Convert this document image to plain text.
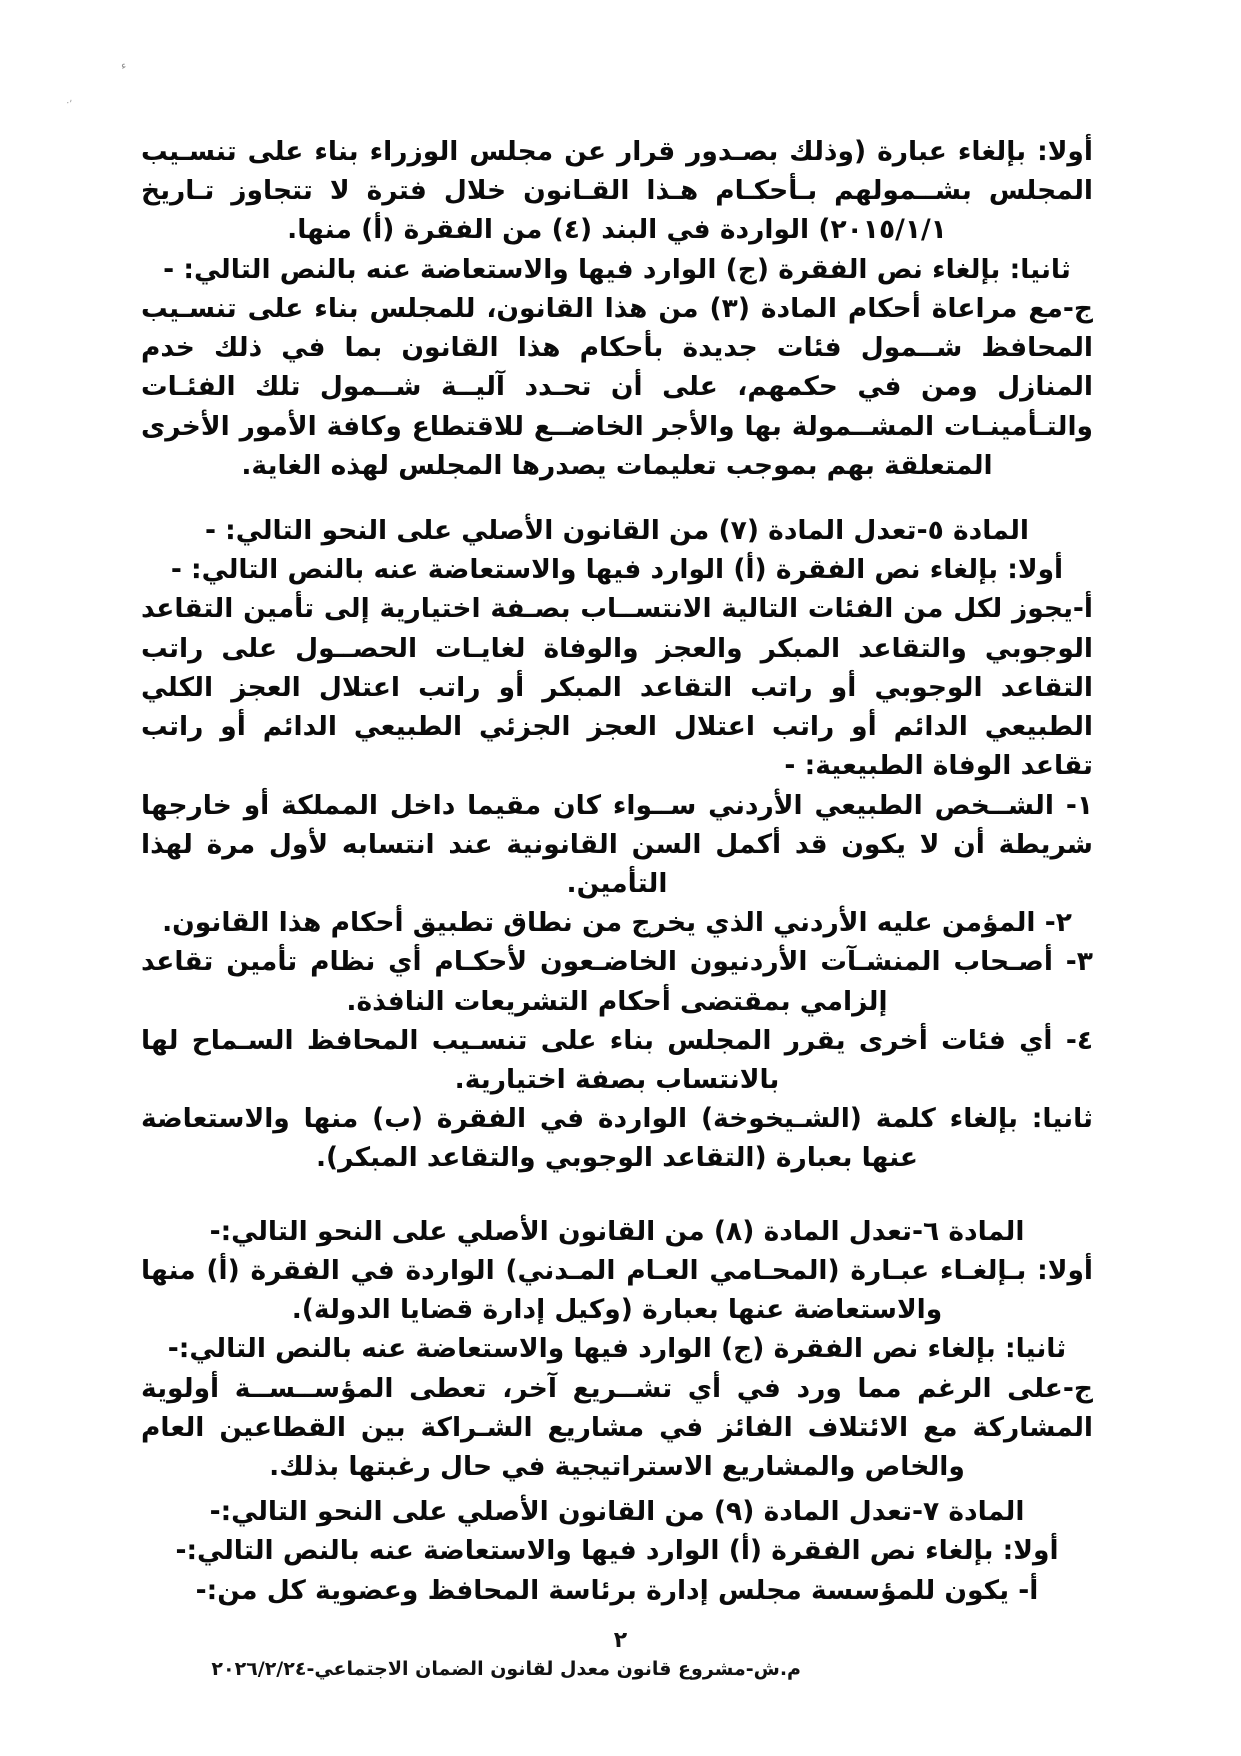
ء
'·

أولا: بإلغاء عبارة (وذلك بصـدور قرار عن مجلس الوزراء بناء على تنسـيب المجلس بشــمولهم بـأحكـام هـذا القـانون خلال فترة لا تتجاوز تـاريخ ٢٠١٥/١/١) الواردة في البند (٤) من الفقرة (أ) منها.

ثانيا: بإلغاء نص الفقرة (ج) الوارد فيها والاستعاضة عنه بالنص التالي: -

ج-مع مراعاة أحكام المادة (٣) من هذا القانون، للمجلس بناء على تنسـيب المحافظ شــمول فئات جديدة بأحكام هذا القانون بما في ذلك خدم المنازل ومن في حكمهم، على أن تحـدد آليــة شــمول تلك الفئـات والتـأمينـات المشــمولة بها والأجر الخاضــع للاقتطاع وكافة الأمور الأخرى المتعلقة بهم بموجب تعليمات يصدرها المجلس لهذه الغاية.

المادة ٥-تعدل المادة (٧) من القانون الأصلي على النحو التالي: -

أولا: بإلغاء نص الفقرة (أ) الوارد فيها والاستعاضة عنه بالنص التالي: -

أ-يجوز لكل من الفئات التالية الانتســاب بصـفة اختيارية إلى تأمين التقاعد الوجوبي والتقاعد المبكر والعجز والوفاة لغايـات الحصــول على راتب التقاعد الوجوبي أو راتب التقاعد المبكر أو راتب اعتلال العجز الكلي الطبيعي الدائم أو راتب اعتلال العجز الجزئي الطبيعي الدائم أو راتب تقاعد الوفاة الطبيعية: -

١- الشــخص الطبيعي الأردني ســواء كان مقيما داخل المملكة أو خارجها شريطة أن لا يكون قد أكمل السن القانونية عند انتسابه لأول مرة لهذا التأمين.

٢- المؤمن عليه الأردني الذي يخرج من نطاق تطبيق أحكام هذا القانون.

٣- أصـحاب المنشـآت الأردنيون الخاضـعون لأحكـام أي نظام تأمين تقاعد إلزامي بمقتضى أحكام التشريعات النافذة.

٤- أي فئات أخرى يقرر المجلس بناء على تنسـيب المحافظ السـماح لها بالانتساب بصفة اختيارية.

ثانيا: بإلغاء كلمة (الشـيخوخة) الواردة في الفقرة (ب) منها والاستعاضة عنها بعبارة (التقاعد الوجوبي والتقاعد المبكر).

المادة ٦-تعدل المادة (٨) من القانون الأصلي على النحو التالي:-

أولا: بـإلغـاء عبـارة (المحـامي العـام المـدني) الواردة في الفقرة (أ) منها والاستعاضة عنها بعبارة (وكيل إدارة قضايا الدولة).

ثانيا: بإلغاء نص الفقرة (ج) الوارد فيها والاستعاضة عنه بالنص التالي:-

ج-على الرغم مما ورد في أي تشــريع آخر، تعطى المؤســســة أولوية المشاركة مع الائتلاف الفائز في مشاريع الشـراكة بين القطاعين العام والخاص والمشاريع الاستراتيجية في حال رغبتها بذلك.

المادة ٧-تعدل المادة (٩) من القانون الأصلي على النحو التالي:-

أولا: بإلغاء نص الفقرة (أ) الوارد فيها والاستعاضة عنه بالنص التالي:-

أ- يكون للمؤسسة مجلس إدارة برئاسة المحافظ وعضوية كل من:-

٢
م.ش-مشروع قانون معدل لقانون الضمان الاجتماعي-٢٠٢٦/٢/٢٤
